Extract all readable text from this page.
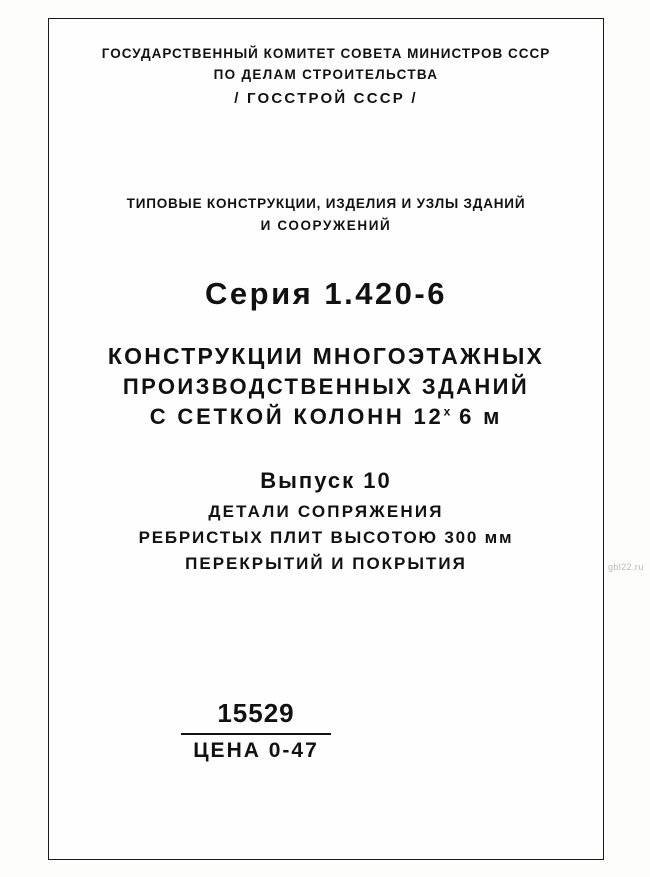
ГОСУДАРСТВЕННЫЙ КОМИТЕТ СОВЕТА МИНИСТРОВ СССР
ПО ДЕЛАМ СТРОИТЕЛЬСТВА
/ ГОССТРОЙ СССР /
ТИПОВЫЕ КОНСТРУКЦИИ, ИЗДЕЛИЯ И УЗЛЫ ЗДАНИЙ
И СООРУЖЕНИЙ
Серия 1.420-6
КОНСТРУКЦИИ МНОГОЭТАЖНЫХ
ПРОИЗВОДСТВЕННЫХ ЗДАНИЙ
С СЕТКОЙ КОЛОНН $12^х$ 6 м
Выпуск 10
ДЕТАЛИ СОПРЯЖЕНИЯ
РЕБРИСТЫХ ПЛИТ ВЫСОТОЮ 300 мм
ПЕРЕКРЫТИЙ И ПОКРЫТИЯ
15529
ЦЕНА 0-47
gbl22.ru
